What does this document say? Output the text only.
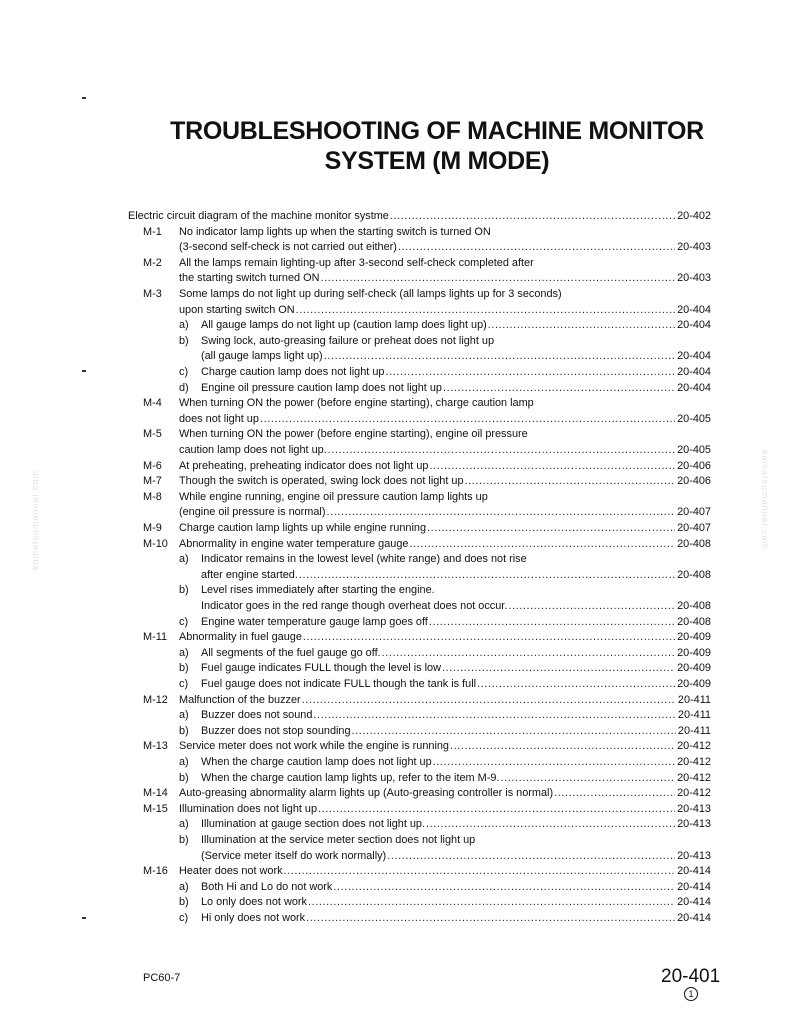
komatsumanual.com	komatsumanual.com
TROUBLESHOOTING OF MACHINE MONITOR
SYSTEM (M MODE)
Electric circuit diagram of the machine monitor systme .....	20-402
M-1	No indicator lamp lights up when the starting switch is turned ON
(3-second self-check is not carried out either) .....	20-403
M-2	All the lamps remain lighting-up after 3-second self-check completed after
the starting switch turned ON .....	20-403
M-3	Some lamps do not light up during self-check (all lamps lights up for 3 seconds)
upon starting switch ON .....	20-404
a)	All gauge lamps do not light up (caution lamp does light up) .....	20-404
b)	Swing lock, auto-greasing failure or preheat does not light up
(all gauge lamps light up) .....	20-404
c)	Charge caution lamp does not light up .....	20-404
d)	Engine oil pressure caution lamp does not light up .....	20-404
M-4	When turning ON the power (before engine starting), charge caution lamp
does not light up .....	20-405
M-5	When turning ON the power (before engine starting), engine oil pressure
caution lamp does not light up. .....	20-405
M-6	At preheating, preheating indicator does not light up .....	20-406
M-7	Though the switch is operated, swing lock does not light up .....	20-406
M-8	While engine running, engine oil pressure caution lamp lights up
(engine oil pressure is normal) .....	20-407
M-9	Charge caution lamp lights up while engine running .....	20-407
M-10	Abnormality in engine water temperature gauge .....	20-408
a)	Indicator remains in the lowest level (white range) and does not rise
after engine started. .....	20-408
b)	Level rises immediately after starting the engine.
Indicator goes in the red range though overheat does not occur. .....	20-408
c)	Engine water temperature gauge lamp goes off .....	20-408
M-11	Abnormality in fuel gauge .....	20-409
a)	All segments of the fuel gauge go off. .....	20-409
b)	Fuel gauge indicates FULL though the level is low .....	20-409
c)	Fuel gauge does not indicate FULL though the tank is full .....	20-409
M-12	Malfunction of the buzzer .....	20-411
a)	Buzzer does not sound .....	20-411
b)	Buzzer does not stop sounding .....	20-411
M-13	Service meter does not work while the engine is running .....	20-412
a)	When the charge caution lamp does not light up .....	20-412
b)	When the charge caution lamp lights up, refer to the item M-9. .....	20-412
M-14	Auto-greasing abnormality alarm lights up (Auto-greasing controller is normal) .....	20-412
M-15	Illumination does not light up .....	20-413
a)	Illumination at gauge section does not light up. .....	20-413
b)	Illumination at the service meter section does not light up
(Service meter itself do work normally) .....	20-413
M-16	Heater does not work .....	20-414
a)	Both Hi and Lo do not work .....	20-414
b)	Lo only does not work .....	20-414
c)	Hi only does not work .....	20-414
PC60-7	20-401
1
